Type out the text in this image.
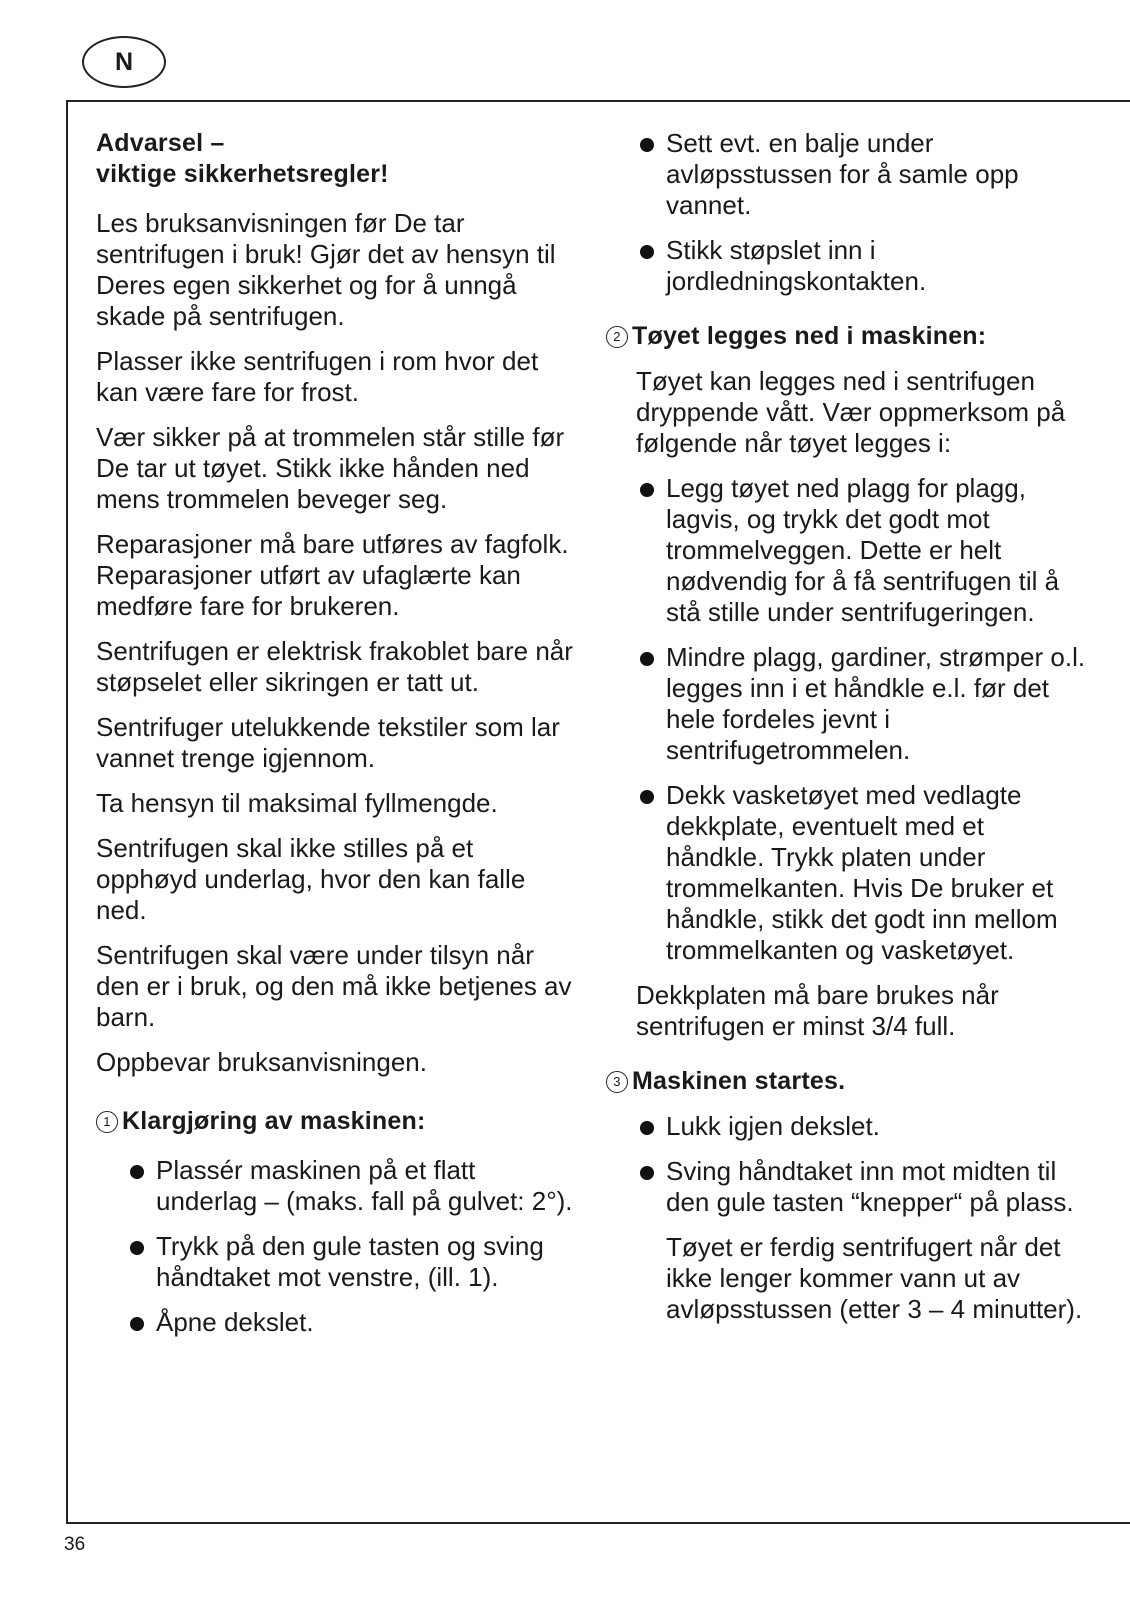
N
36
Advarsel –
viktige sikkerhetsregler!

Les bruksanvisningen før De tar sentrifugen i bruk! Gjør det av hensyn til Deres egen sikkerhet og for å unngå skade på sentrifugen.

Plasser ikke sentrifugen i rom hvor det kan være fare for frost.

Vær sikker på at trommelen står stille før De tar ut tøyet. Stikk ikke hånden ned mens trommelen beveger seg.

Reparasjoner må bare utføres av fagfolk. Reparasjoner utført av ufaglærte kan medføre fare for brukeren.

Sentrifugen er elektrisk frakoblet bare når støpselet eller sikringen er tatt ut.

Sentrifuger utelukkende tekstiler som lar vannet trenge igjennom.

Ta hensyn til maksimal fyllmengde.

Sentrifugen skal ikke stilles på et opphøyd underlag, hvor den kan falle ned.

Sentrifugen skal være under tilsyn når den er i bruk, og den må ikke betjenes av barn.

Oppbevar bruksanvisningen.

1 Klargjøring av maskinen:

Plassér maskinen på et flatt underlag – (maks. fall på gulvet: 2°).

Trykk på den gule tasten og sving håndtaket mot venstre, (ill. 1).

Åpne dekslet.

Sett evt. en balje under avløpsstussen for å samle opp vannet.

Stikk støpslet inn i jordledningskontakten.

2 Tøyet legges ned i maskinen:

Tøyet kan legges ned i sentrifugen dryppende vått. Vær oppmerksom på følgende når tøyet legges i:

Legg tøyet ned plagg for plagg, lagvis, og trykk det godt mot trommelveggen. Dette er helt nødvendig for å få sentrifugen til å stå stille under sentrifugeringen.

Mindre plagg, gardiner, strømper o.l. legges inn i et håndkle e.l. før det hele fordeles jevnt i sentrifugetrommelen.

Dekk vasketøyet med vedlagte dekkplate, eventuelt med et håndkle. Trykk platen under trommelkanten. Hvis De bruker et håndkle, stikk det godt inn mellom trommelkanten og vasketøyet.

Dekkplaten må bare brukes når sentrifugen er minst 3/4 full.

3 Maskinen startes.

Lukk igjen dekslet.

Sving håndtaket inn mot midten til den gule tasten “knepper“ på plass.

Tøyet er ferdig sentrifugert når det ikke lenger kommer vann ut av avløpsstussen (etter 3 – 4 minutter).
